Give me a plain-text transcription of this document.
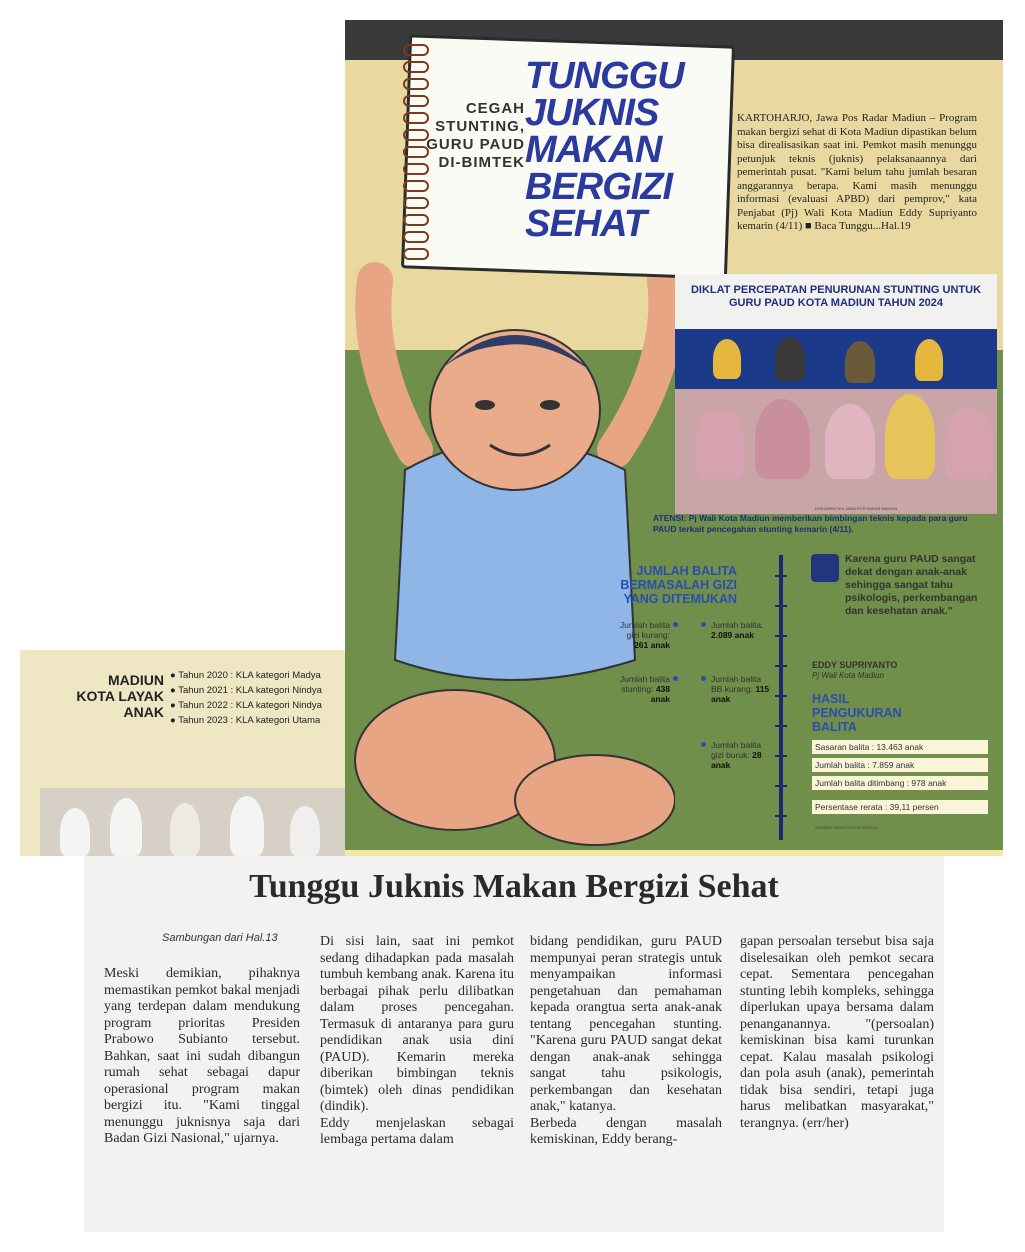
CEGAH STUNTING, GURU PAUD DI-BIMTEK
TUNGGU JUKNIS MAKAN BERGIZI SEHAT
KARTOHARJO, Jawa Pos Radar Madiun – Program makan bergizi sehat di Kota Madiun dipastikan belum bisa direalisasikan saat ini. Pemkot masih menunggu petunjuk teknis (juknis) pelaksanaannya dari pemerintah pusat. "Kami belum tahu jumlah besaran anggarannya berapa. Kami masih menunggu informasi (evaluasi APBD) dari pemprov," kata Penjabat (Pj) Wali Kota Madiun Eddy Supriyanto kemarin (4/11) ■ Baca Tunggu...Hal.19
DIKLAT PERCEPATAN PENURUNAN STUNTING UNTUK GURU PAUD KOTA MADIUN TAHUN 2024
DOKUMENTASI JAWA POS RADAR MADIUN
ATENSI: Pj Wali Kota Madiun memberikan bimbingan teknis kepada para guru PAUD terkait pencegahan stunting kemarin (4/11).
JUMLAH BALITA BERMASALAH GIZI YANG DITEMUKAN
Jumlah balita gizi kurang: 261 anak
Jumlah balita stunting: 438 anak
Jumlah balita: 2.089 anak
Jumlah balita BB kurang: 115 anak
Jumlah balita gizi buruk: 28 anak
Karena guru PAUD sangat dekat dengan anak-anak sehingga sangat tahu psikologis, perkembangan dan kesehatan anak."
EDDY SUPRIYANTO
Pj Wali Kota Madiun
HASIL PENGUKURAN BALITA
Sasaran balita : 13.463 anak
Jumlah balita : 7.859 anak
Jumlah balita ditimbang : 978 anak
Persentase rerata : 39,11 persen
SUMBER: DINKES KOTA MADIUN
MADIUN KOTA LAYAK ANAK
● Tahun 2020 : KLA kategori Madya
● Tahun 2021 : KLA kategori Nindya
● Tahun 2022 : KLA kategori Nindya
● Tahun 2023 : KLA kategori Utama
Tunggu Juknis Makan Bergizi Sehat
Sambungan dari Hal.13
Meski demikian, pihaknya memastikan pemkot bakal menjadi yang terdepan dalam mendukung program prioritas Presiden Prabowo Subianto tersebut. Bahkan, saat ini sudah dibangun rumah sehat sebagai dapur operasional program makan bergizi itu. "Kami tinggal menunggu juknisnya saja dari Badan Gizi Nasional," ujarnya.
Di sisi lain, saat ini pemkot sedang dihadapkan pada masalah tumbuh kembang anak. Karena itu berbagai pihak perlu dilibatkan dalam proses pencegahan. Termasuk di antaranya para guru pendidikan anak usia dini (PAUD). Kemarin mereka diberikan bimbingan teknis (bimtek) oleh dinas pendidikan (dindik).
Eddy menjelaskan sebagai lembaga pertama dalam
bidang pendidikan, guru PAUD mempunyai peran strategis untuk menyampaikan informasi pengetahuan dan pemahaman kepada orangtua serta anak-anak tentang pencegahan stunting. "Karena guru PAUD sangat dekat dengan anak-anak sehingga sangat tahu psikologis, perkembangan dan kesehatan anak," katanya.
Berbeda dengan masalah kemiskinan, Eddy berang-
gapan persoalan tersebut bisa saja diselesaikan oleh pemkot secara cepat. Sementara pencegahan stunting lebih kompleks, sehingga diperlukan upaya bersama dalam penanganannya. "(persoalan) kemiskinan bisa kami turunkan cepat. Kalau masalah psikologi dan pola asuh (anak), pemerintah tidak bisa sendiri, tetapi juga harus melibatkan masyarakat," terangnya. (err/her)
